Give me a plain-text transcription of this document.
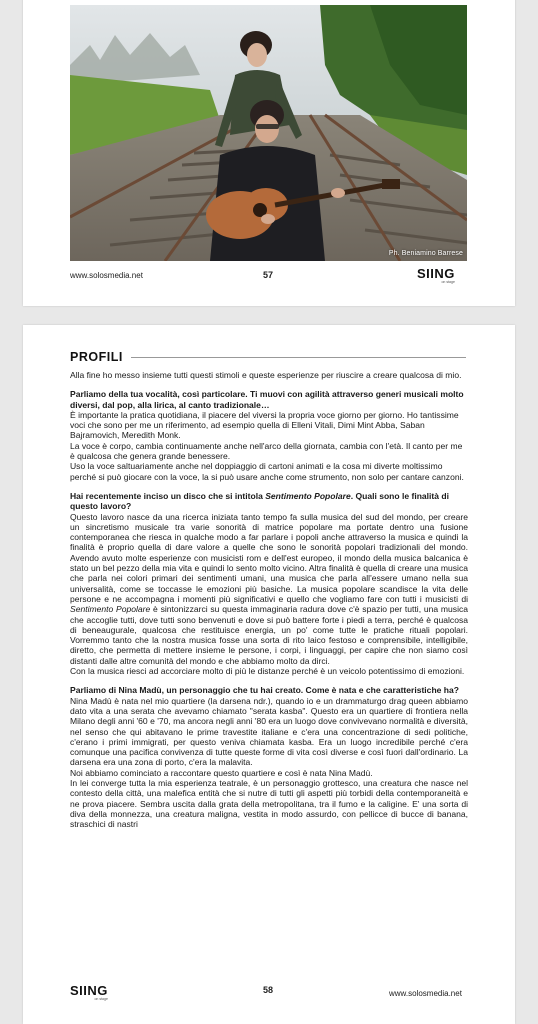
Ph. Beniamino Barrese
www.solosmedia.net	57	SIING
on stage
PROFILI

Alla fine ho messo insieme tutti questi stimoli e queste esperienze per riuscire a creare qualcosa di mio.

Parliamo della tua vocalità, così particolare. Ti muovi con agilità attraverso generi musicali molto diversi, dal pop, alla lirica, al canto tradizionale…

È importante la pratica quotidiana, il piacere del viversi la propria voce giorno per giorno. Ho tantissime voci che sono per me un riferimento, ad esempio quella di Elleni Vitali, Dimi Mint Abba, Saban Bajramovich, Meredith Monk.

La voce è corpo, cambia continuamente anche nell'arco della giornata, cambia con l'età. Il canto per me è qualcosa che genera grande benessere.

Uso la voce saltuariamente anche nel doppiaggio di cartoni animati e la cosa mi diverte moltissimo perché si può giocare con la voce, la si può usare anche come strumento, non solo per cantare canzoni.

Hai recentemente inciso un disco che si intitola Sentimento Popolare. Quali sono le finalità di questo lavoro?

Questo lavoro nasce da una ricerca iniziata tanto tempo fa sulla musica del sud del mondo, per creare un sincretismo musicale tra varie sonorità di matrice popolare ma portate dentro una fusione contemporanea che riesca in qualche modo a far parlare i popoli anche attraverso la musica e quindi la finalità è proprio quella di dare valore a quelle che sono le sonorità popolari tradizionali del mondo. Avendo avuto molte esperienze con musicisti rom e dell'est europeo, il mondo della musica balcanica è stato un bel pezzo della mia vita e quindi lo sento molto vicino. Altra finalità è quella di creare una musica che parla nei colori primari dei sentimenti umani, una musica che parla all'essere umano nella sua universalità, come se toccasse le emozioni più basiche. La musica popolare scandisce la vita delle persone e ne accompagna i momenti più significativi e quello che vogliamo fare con tutti i musicisti di Sentimento Popolare è sintonizzarci su questa immaginaria radura dove c'è spazio per tutti, una musica che accoglie tutti, dove tutti sono benvenuti e dove si può battere forte i piedi a terra, perché è qualcosa di beneaugurale, qualcosa che restituisce energia, un po' come tutte le pratiche rituali popolari. Vorremmo tanto che la nostra musica fosse una sorta di rito laico festoso e comprensibile, intelligibile, diretto, che permetta di mettere insieme le persone, i corpi, i linguaggi, per capire che non siamo così distanti dalle altre comunità del mondo e che abbiamo molto da dirci.

Con la musica riesci ad accorciare molto di più le distanze perché è un veicolo potentissimo di emozioni.

Parliamo di Nina Madù, un personaggio che tu hai creato. Come è nata e che caratteristiche ha?

Nina Madù è nata nel mio quartiere (la darsena ndr.), quando io e un drammaturgo drag queen abbiamo dato vita a una serata che avevamo chiamato "serata kasba". Questo era un quartiere di frontiera nella Milano degli anni '60 e '70, ma ancora negli anni '80 era un luogo dove convivevano normalità e diversità, nel senso che qui abitavano le prime travestite italiane e c'era una concentrazione di sedi politiche, c'erano i primi immigrati, per questo veniva chiamata kasba. Era un luogo incredibile perché c'era comunque una pacifica convivenza di tutte queste forme di vita così diverse e così fuori dall'ordinario. La darsena era una zona di porto, c'era la malavita.

Noi abbiamo cominciato a raccontare questo quartiere e così è nata Nina Madù.

In lei converge tutta la mia esperienza teatrale, è un personaggio grottesco, una creatura che nasce nel contesto della città, una malefica entità che si nutre di tutti gli aspetti più torbidi della contemporaneità e ne prova piacere. Sembra uscita dalla grata della metropolitana, tra il fumo e la caligine. E' una sorta di diva della monnezza, una creatura maligna, vestita in modo assurdo, con pellicce di bucce di banana, straschici di nastri

SIING
on stage
58	www.solosmedia.net
